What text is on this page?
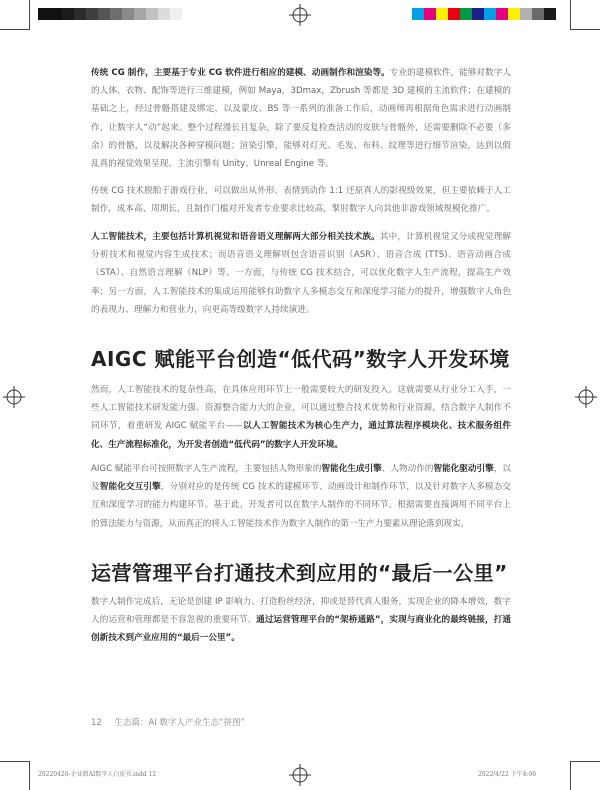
传统 CG 制作，主要基于专业 CG 软件进行相应的建模、动画制作和渲染等。专业的建模软件，能够对数字人的人体、衣物、配饰等进行三维建模，例如 Maya，3Dmax，Zbrush 等都是 3D 建模的主流软件；在建模的基础之上，经过骨骼搭建及绑定，以及蒙皮、BS 等一系列的准备工作后，动画师再根据角色需求进行动画制作，让数字人“动”起来。整个过程漫长且复杂，除了要反复检查活动的皮肤与骨骼外，还需要删除不必要（多余）的骨骼，以及解决各种穿模问题；渲染引擎，能够对灯光、毛发、布料、纹理等进行细节渲染，达到以假乱真的视觉效果呈现。主流引擎有 Unity、Unreal Engine 等。

传统 CG 技术脱胎于游戏行业，可以做出从外形、表情到动作 1:1 还原真人的影视级效果，但主要依赖于人工制作，成本高、周期长，且制作门槛对开发者专业要求比较高，掣肘数字人向其他非游戏领域规模化推广。

人工智能技术，主要包括计算机视觉和语音语义理解两大部分相关技术族。其中，计算机视觉又分成视觉理解分析技术和视觉内容生成技术；而语音语义理解则包含语音识别（ASR）、语音合成 (TTS)、语音动画合成（STA）、自然语言理解（NLP）等。一方面，与传统 CG 技术结合，可以优化数字人生产流程，提高生产效率；另一方面，人工智能技术的集成运用能够有助数字人多模态交互和深度学习能力的提升，增强数字人角色的表现力、理解力和营业力，向更高等级数字人持续演进。

AIGC 赋能平台创造“低代码”数字人开发环境

然而，人工智能技术的复杂性高，在具体应用环节上一般需要较大的研发投入。这就需要从行业分工入手，一些人工智能技术研发能力强、资源整合能力大的企业，可以通过整合技术优势和行业资源，结合数字人制作不同环节，着重研发 AIGC 赋能平台——以人工智能技术为核心生产力，通过算法程序模块化、技术服务组件化、生产流程标准化，为开发者创造“低代码”的数字人开发环境。

AIGC 赋能平台可按照数字人生产流程，主要包括人物形象的智能化生成引擎、人物动作的智能化驱动引擎，以及智能化交互引擎，分别对应的是传统 CG 技术的建模环节、动画设计和制作环节，以及针对数字人多模态交互和深度学习的能力构建环节。基于此，开发者可以在数字人制作的不同环节，根据需要直接调用不同平台上的算法能力与资源，从而真正的将人工智能技术作为数字人制作的第一生产力要素从理论落到现实。

运营管理平台打通技术到应用的“最后一公里”

数字人制作完成后，无论是创建 IP 影响力、打造粉丝经济，抑或是替代真人服务，实现企业的降本增效，数字人的运营和管理都是不容忽视的重要环节。通过运营管理平台的“架桥通路”，实现与商业化的最终链接，打通创新技术到产业应用的“最后一公里”。

12 生态篇：AI 数字人产业生态“拼图”
20220420-企业微AI数字人白皮书.indd 12	2022/4/22 下午4:06
